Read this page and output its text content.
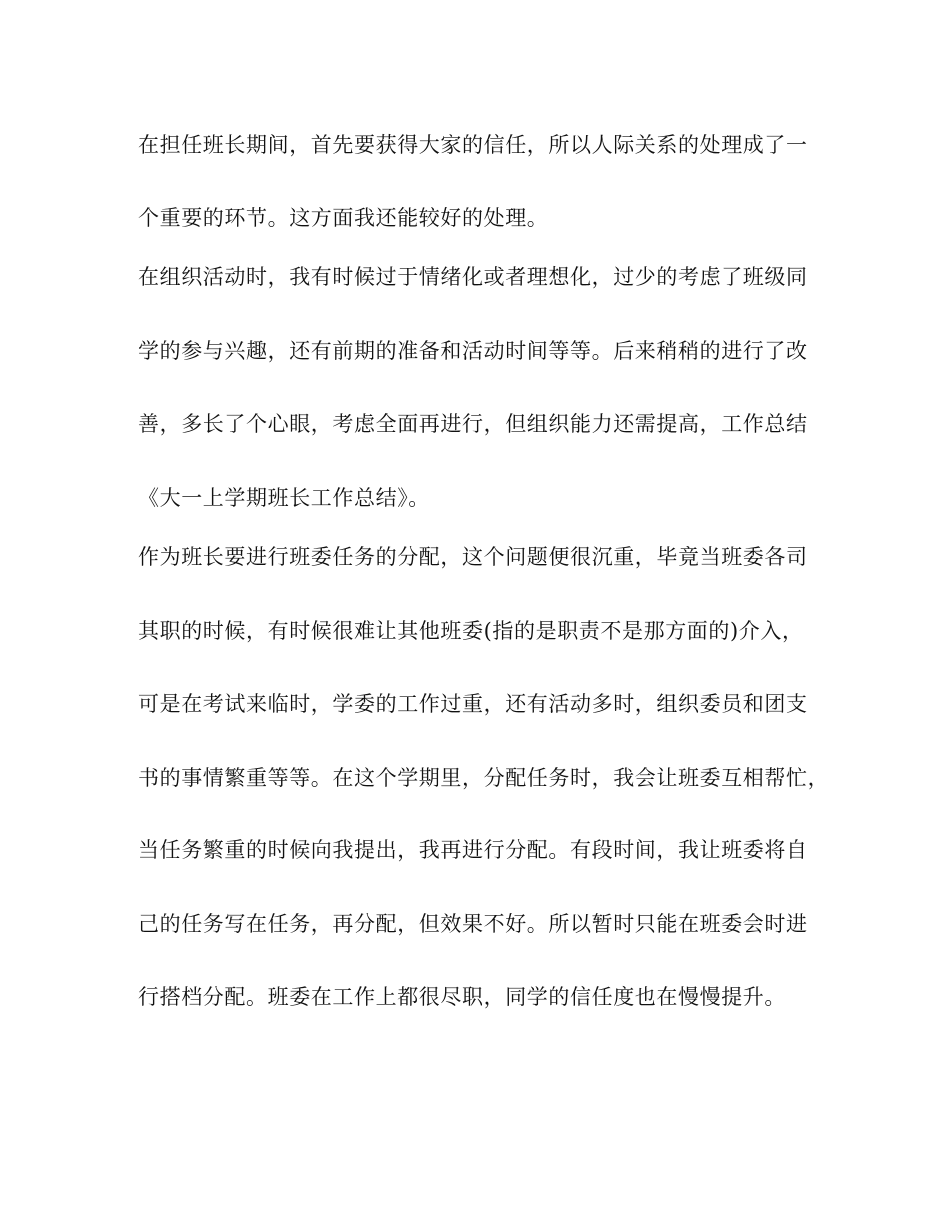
在担任班长期间，首先要获得大家的信任，所以人际关系的处理成了一
个重要的环节。这方面我还能较好的处理。
在组织活动时，我有时候过于情绪化或者理想化，过少的考虑了班级同
学的参与兴趣，还有前期的准备和活动时间等等。后来稍稍的进行了改
善，多长了个心眼，考虑全面再进行，但组织能力还需提高，工作总结
《大一上学期班长工作总结》。
作为班长要进行班委任务的分配，这个问题便很沉重，毕竟当班委各司
其职的时候，有时候很难让其他班委(指的是职责不是那方面的)介入，
可是在考试来临时，学委的工作过重，还有活动多时，组织委员和团支
书的事情繁重等等。在这个学期里，分配任务时，我会让班委互相帮忙，
当任务繁重的时候向我提出，我再进行分配。有段时间，我让班委将自
己的任务写在任务，再分配，但效果不好。所以暂时只能在班委会时进
行搭档分配。班委在工作上都很尽职，同学的信任度也在慢慢提升。
